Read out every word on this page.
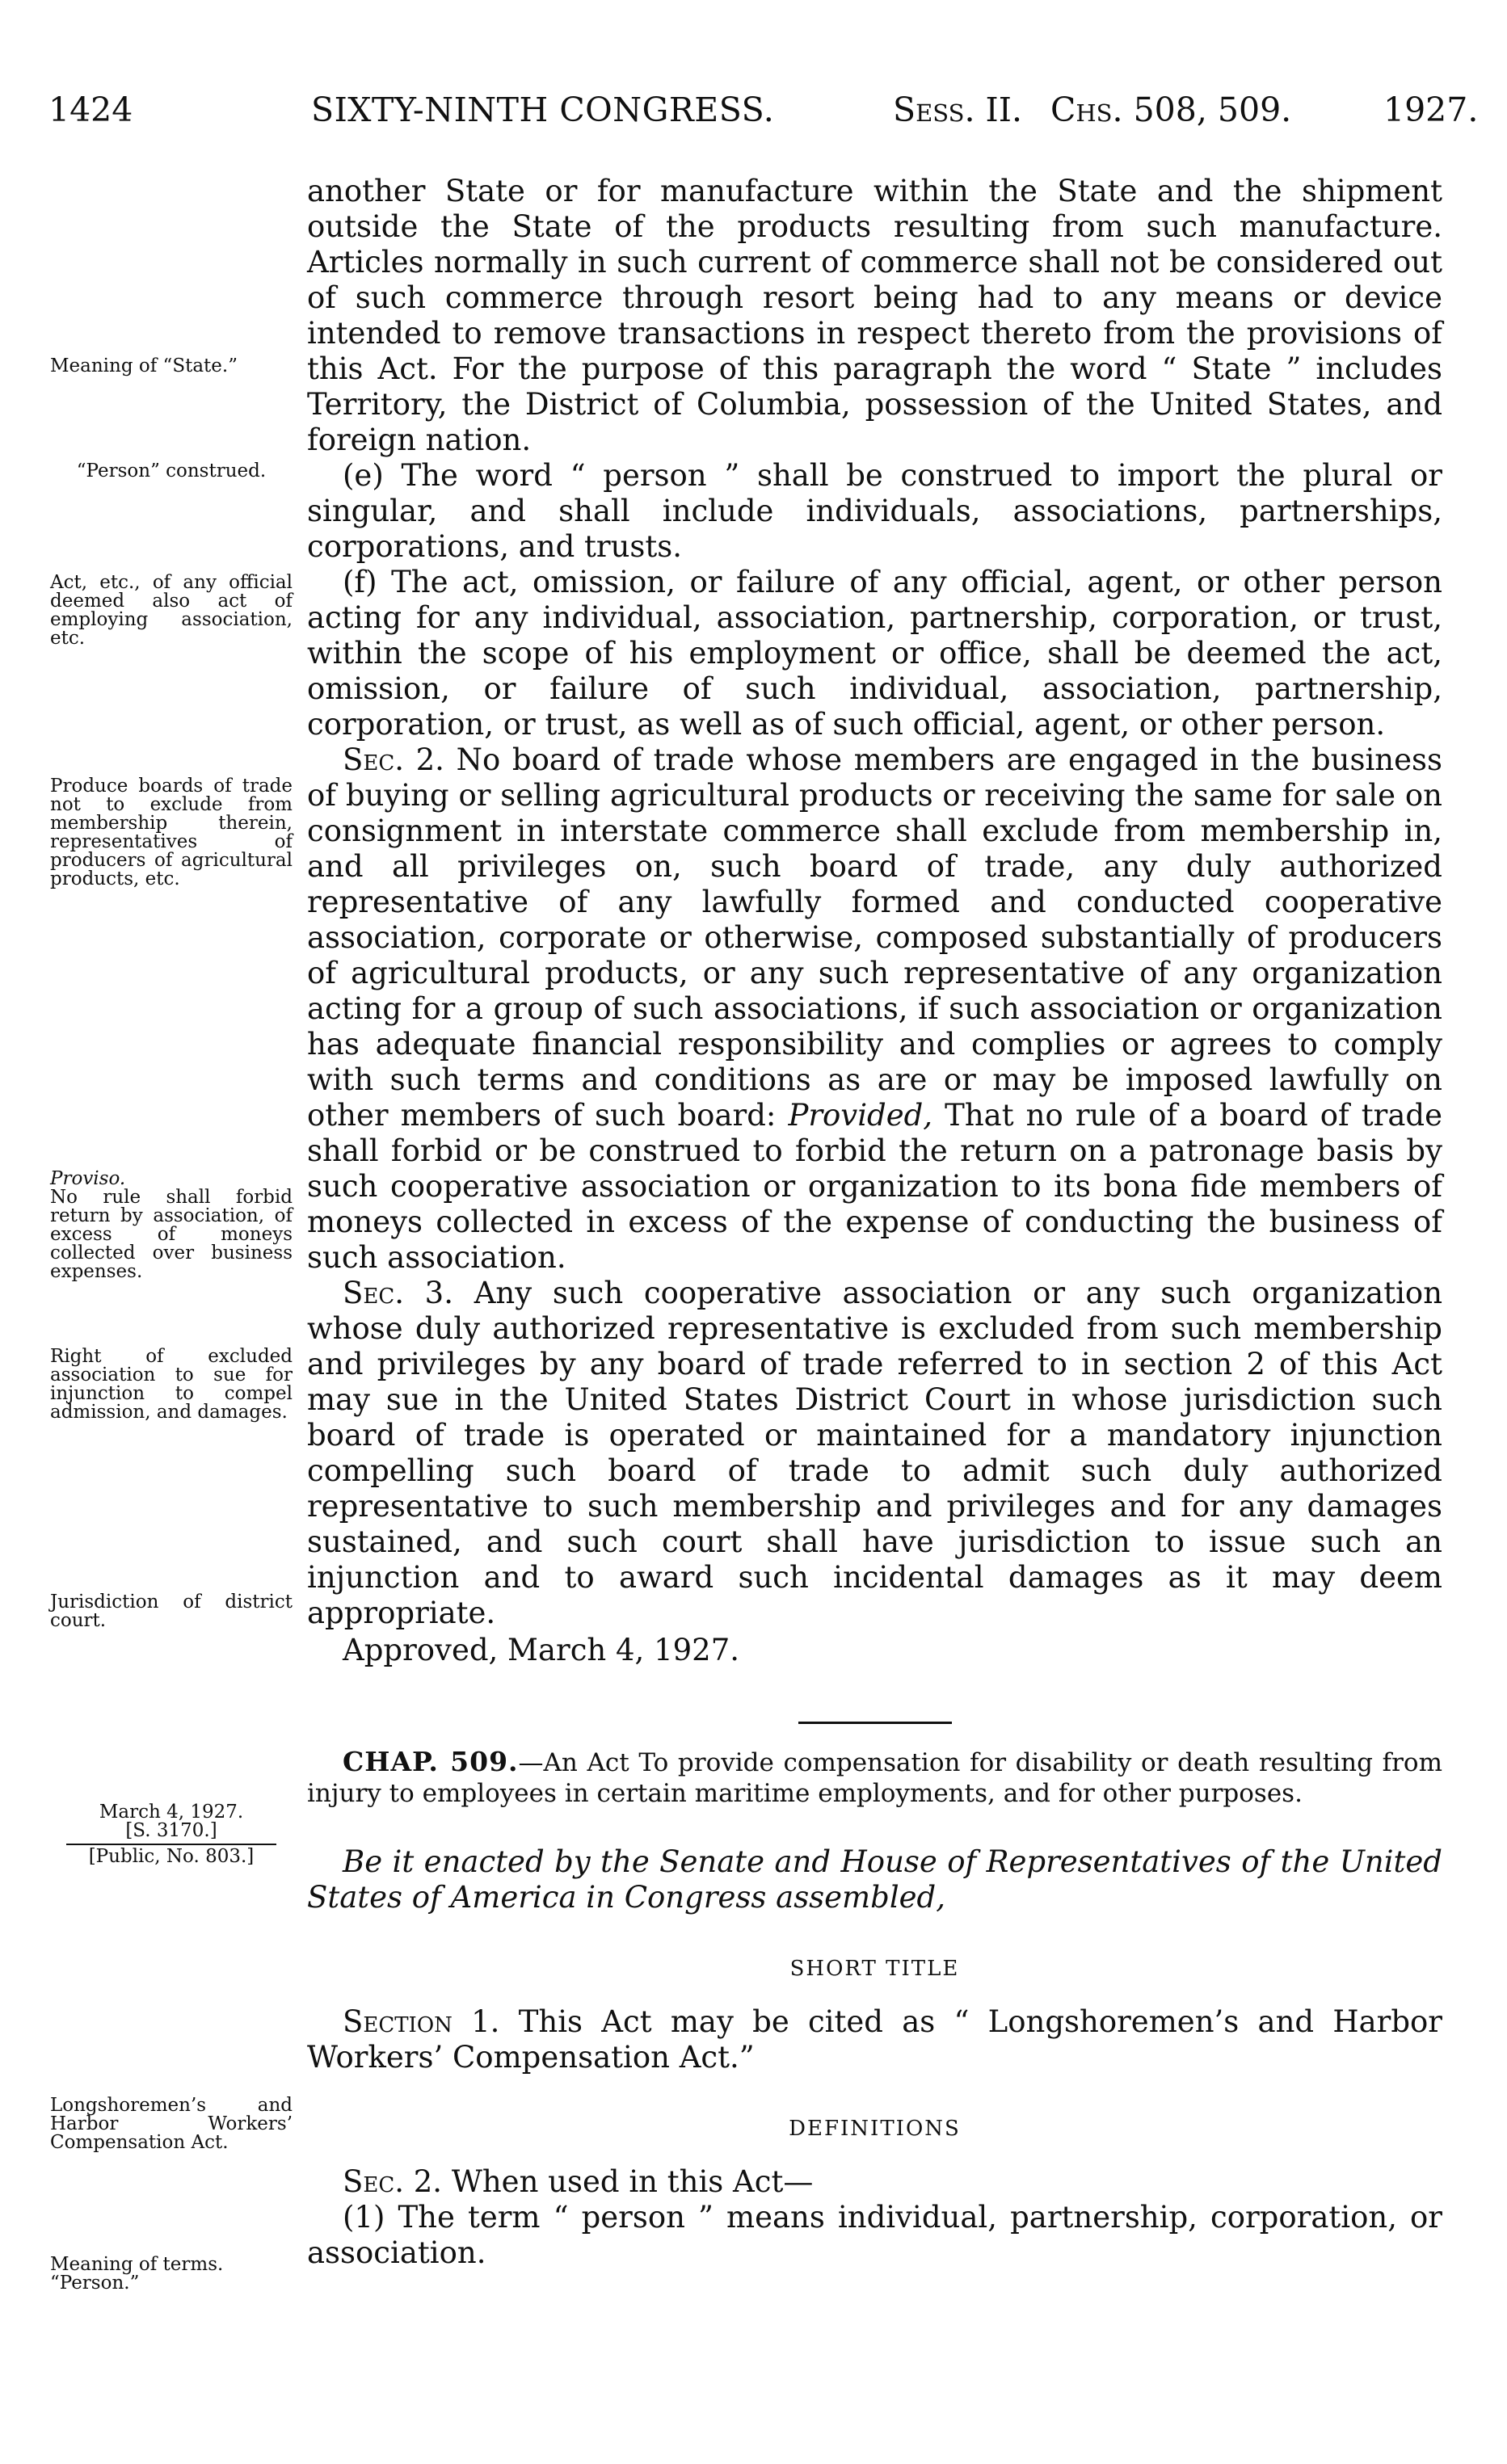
1424	SIXTY-NINTH CONGRESS.	Sess. II. Chs. 508, 509.	1927.
Meaning of “State.”
“Person” construed.
Act, etc., of any official deemed also act of employing association, etc.
Produce boards of trade not to exclude from membership therein, representatives of producers of agricultural products, etc.
Proviso.
No rule shall forbid return by association, of excess of moneys collected over business expenses.
Right of excluded association to sue for injunction to compel admission, and damages.
Jurisdiction of district court.
March 4, 1927.
[S. 3170.]
[Public, No. 803.]
Longshoremen’s and Harbor Workers’ Compensation Act.
Meaning of terms.
“Person.”

another State or for manufacture within the State and the shipment outside the State of the products resulting from such manufacture. Articles normally in such current of commerce shall not be considered out of such commerce through resort being had to any means or device intended to remove transactions in respect thereto from the provisions of this Act. For the purpose of this paragraph the word “ State ” includes Territory, the District of Columbia, possession of the United States, and foreign nation.

(e) The word “ person ” shall be construed to import the plural or singular, and shall include individuals, associations, partnerships, corporations, and trusts.

(f) The act, omission, or failure of any official, agent, or other person acting for any individual, association, partnership, corporation, or trust, within the scope of his employment or office, shall be deemed the act, omission, or failure of such individual, association, partnership, corporation, or trust, as well as of such official, agent, or other person.

Sec. 2. No board of trade whose members are engaged in the business of buying or selling agricultural products or receiving the same for sale on consignment in interstate commerce shall exclude from membership in, and all privileges on, such board of trade, any duly authorized representative of any lawfully formed and conducted cooperative association, corporate or otherwise, composed substantially of producers of agricultural products, or any such representative of any organization acting for a group of such associations, if such association or organization has adequate financial responsibility and complies or agrees to comply with such terms and conditions as are or may be imposed lawfully on other members of such board: Provided, That no rule of a board of trade shall forbid or be construed to forbid the return on a patronage basis by such cooperative association or organization to its bona fide members of moneys collected in excess of the expense of conducting the business of such association.

Sec. 3. Any such cooperative association or any such organization whose duly authorized representative is excluded from such membership and privileges by any board of trade referred to in section 2 of this Act may sue in the United States District Court in whose jurisdiction such board of trade is operated or maintained for a mandatory injunction compelling such board of trade to admit such duly authorized representative to such membership and privileges and for any damages sustained, and such court shall have jurisdiction to issue such an injunction and to award such incidental damages as it may deem appropriate.

Approved, March 4, 1927.

CHAP. 509.—An Act To provide compensation for disability or death resulting from injury to employees in certain maritime employments, and for other purposes.

Be it enacted by the Senate and House of Representatives of the United States of America in Congress assembled,

SHORT TITLE

Section 1. This Act may be cited as “ Longshoremen’s and Harbor Workers’ Compensation Act.”

DEFINITIONS

Sec. 2. When used in this Act—

(1) The term “ person ” means individual, partnership, corporation, or association.
